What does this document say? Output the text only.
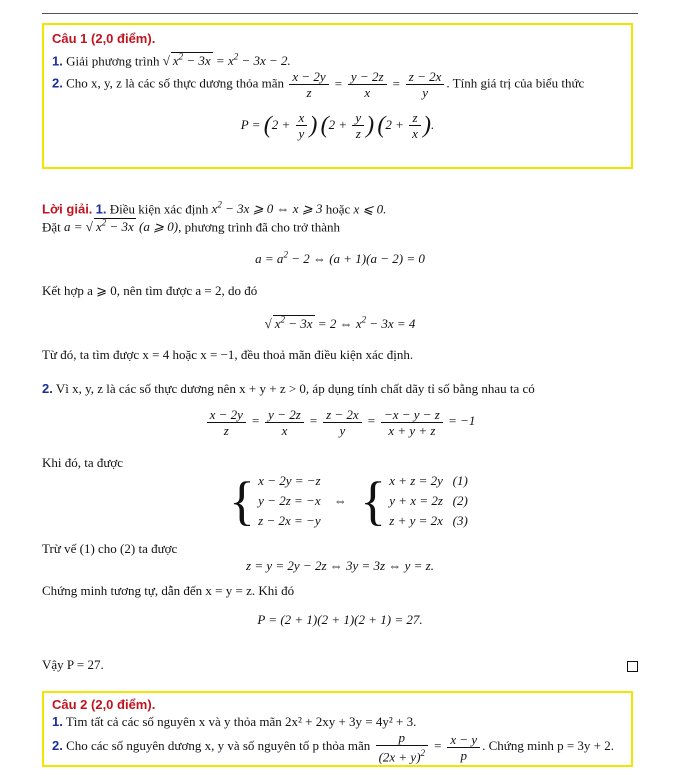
Câu 1 (2,0 điểm).
1. Giải phương trình √ $x^2 - 3x = x^2 - 3x - 2$.
2. Cho x, y, z là các số thực dương thỏa mãn $\frac{x - 2y}{z} = \frac{y - 2z}{x} = \frac{z - 2x}{y}$ . Tính giá trị của biểu thức
$P = (2 + \frac{x}{y}$ ) ($2 + \frac{y}{z}$ ) ($2 + \frac{z}{x}$ ).
Lời giải. 1. Điều kiện xác định $x^2 - 3x$ ⩾ 0 ⇔ x ⩾ 3 hoặc x ⩽ 0.
Đặt a = √ $x^2 - 3x$ (a ⩾ 0), phương trình đã cho trở thành
$a = a^2 - 2$ ⇔ (a + 1)(a − 2) = 0
Kết hợp a ⩾ 0, nên tìm được a = 2, do đó
√ $x^2 - 3x = 2$ ⇔ $x^2 - 3x = 4$
Từ đó, ta tìm được x = 4 hoặc x = −1, đều thoả mãn điều kiện xác định.
2. Vì x, y, z là các số thực dương nên x + y + z > 0, áp dụng tính chất dãy tỉ số bằng nhau ta có
$\frac{x - 2y}{z} = \frac{y - 2z}{x} = \frac{z - 2x}{y} = \frac{-x - y - z}{x + y + z} = -1$
Khi đó, ta được
{ x − 2y = −z
y − 2z = −x
z − 2x = −y ⇔ { x + z = 2y   (1)
y + x = 2z   (2)
z + y = 2x   (3)
Trừ vế (1) cho (2) ta được
z = y = 2y − 2z ⇔ 3y = 3z ⇔ y = z.
Chứng minh tương tự, dẫn đến x = y = z. Khi đó
P = (2 + 1)(2 + 1)(2 + 1) = 27.
Vậy P = 27.
Câu 2 (2,0 điểm).
1. Tìm tất cả các số nguyên x và y thỏa mãn 2x² + 2xy + 3y = 4y² + 3.
2. Cho các số nguyên dương x, y và số nguyên tố p thỏa mãn $\frac{p}{(2x + y)^2} = \frac{x - y}{p}$ . Chứng minh p = 3y + 2.
